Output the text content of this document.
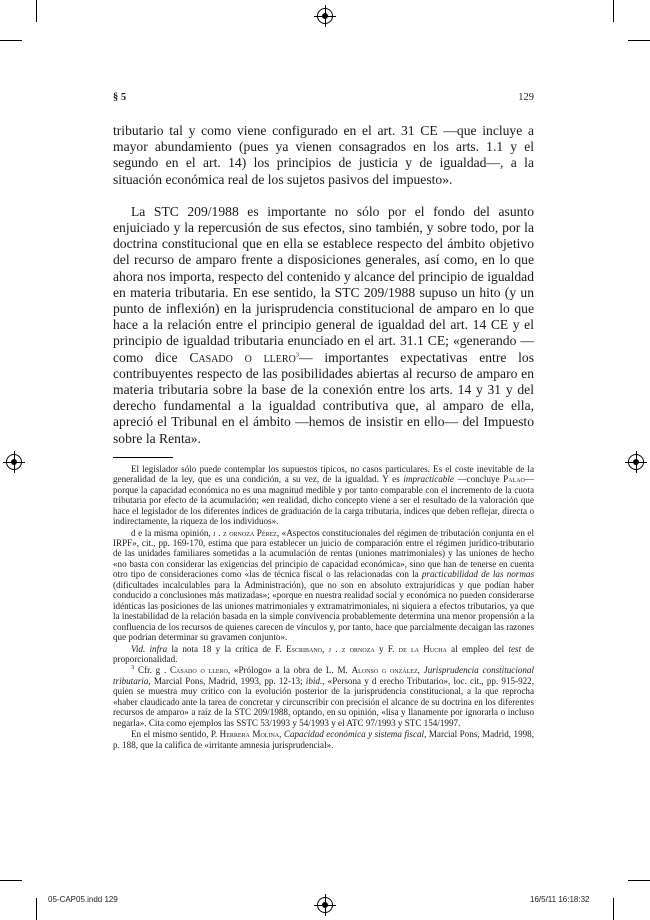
§ 5	129

tributario tal y como viene configurado en el art. 31 CE —que incluye a mayor abundamiento (pues ya vienen consagrados en los arts. 1.1 y el segundo en el art. 14) los principios de justicia y de igualdad—, a la situación económica real de los sujetos pasivos del impuesto».

La STC 209/1988 es importante no sólo por el fondo del asunto enjuiciado y la repercusión de sus efectos, sino también, y sobre todo, por la doctrina constitucional que en ella se establece respecto del ámbito objetivo del recurso de amparo frente a disposiciones generales, así como, en lo que ahora nos importa, respecto del contenido y alcance del principio de igualdad en materia tributaria. En ese sentido, la STC 209/1988 supuso un hito (y un punto de inflexión) en la jurisprudencia constitucional de amparo en lo que hace a la relación entre el principio general de igualdad del art. 14 CE y el principio de igualdad tributaria enunciado en el art. 31.1 CE; «generando —como dice Casado o llero$^3$— importantes expectativas entre los contribuyentes respecto de las posibilidades abiertas al recurso de amparo en materia tributaria sobre la base de la conexión entre los arts. 14 y 31 y del derecho fundamental a la igualdad contributiva que, al amparo de ella, apreció el Tribunal en el ámbito —hemos de insistir en ello— del Impuesto sobre la Renta».

El legislador sólo puede contemplar los supuestos típicos, no casos particulares. Es el coste inevitable de la generalidad de la ley, que es una condición, a su vez, de la igualdad. Y es impracticable —concluye Palao— porque la capacidad económica no es una magnitud medible y por tanto comparable con el incremento de la cuota tributaria por efecto de la acumulación; «en realidad, dicho concepto viene a ser el resultado de la valoración que hace el legislador de los diferentes índices de graduación de la carga tributaria, índices que deben reflejar, directa o indirectamente, la riqueza de los individuos».

d e la misma opinión, j . z ornoza Pérez, «Aspectos constitucionales del régimen de tributación conjunta en el IRPF», cit., pp. 169-170, estima que para establecer un juicio de comparación entre el régimen jurídico-tributario de las unidades familiares sometidas a la acumulación de rentas (uniones matrimoniales) y las uniones de hecho «no basta con considerar las exigencias del principio de capacidad económica», sino que han de tenerse en cuenta otro tipo de consideraciones como «las de técnica fiscal o las relacionadas con la practicabilidad de las normas (dificultades incalculables para la Administración), que no son en absoluto extrajurídicas y que podían haber conducido a conclusiones más matizadas»; «porque en nuestra realidad social y económica no pueden considerarse idénticas las posiciones de las uniones matrimoniales y extramatrimoniales, ni siquiera a efectos tributarios, ya que la inestabilidad de la relación basada en la simple convivencia probablemente determina una menor propensión a la confluencia de los recursos de quienes carecen de vínculos y, por tanto, hace que parcialmente decaigan las razones que podrían determinar su gravamen conjunto».

Vid. infra la nota 18 y la crítica de F. Escribano, j . z ornoza y F. de la Hucha al empleo del test de proporcionalidad.

$^3$ Cfr. g . Casado o llero, «Prólogo» a la obra de L. M. Alonso g onzález, Jurisprudencia constitucional tributaria, Marcial Pons, Madrid, 1993, pp. 12-13; ibid., «Persona y d erecho Tributario», loc. cit., pp. 915-922, quien se muestra muy crítico con la evolución posterior de la jurisprudencia constitucional, a la que reprocha «haber claudicado ante la tarea de concretar y circunscribir con precisión el alcance de su doctrina en los diferentes recursos de amparo» a raíz de la STC 209/1988, optando, en su opinión, «lisa y llanamente por ignorarla o incluso negarla». Cita como ejemplos las SSTC 53/1993 y 54/1993 y el ATC 97/1993 y STC 154/1997.

En el mismo sentido, P. Herrera Molina, Capacidad económica y sistema fiscal, Marcial Pons, Madrid, 1998, p. 188, que la califica de «irritante amnesia jurisprudencial».

05-CAP05.indd 129	16/5/11 16:18:32
